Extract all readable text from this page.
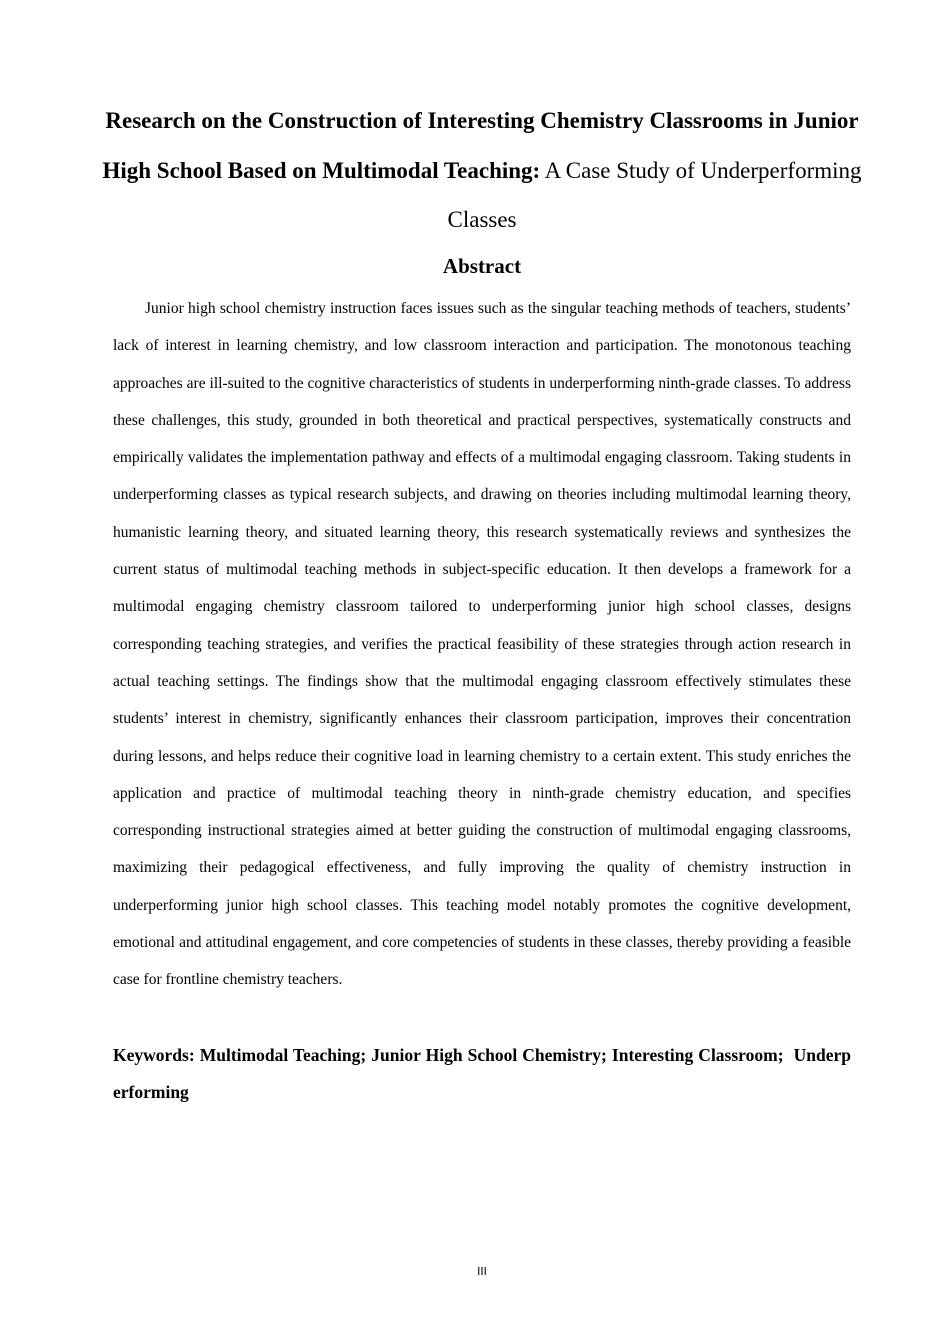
Research on the Construction of Interesting Chemistry Classrooms in Junior High School Based on Multimodal Teaching: A Case Study of Underperforming Classes
Abstract

Junior high school chemistry instruction faces issues such as the singular teaching methods of teachers, students’ lack of interest in learning chemistry, and low classroom interaction and participation. The monotonous teaching approaches are ill-suited to the cognitive characteristics of students in underperforming ninth-grade classes. To address these challenges, this study, grounded in both theoretical and practical perspectives, systematically constructs and empirically validates the implementation pathway and effects of a multimodal engaging classroom. Taking students in underperforming classes as typical research subjects, and drawing on theories including multimodal learning theory, humanistic learning theory, and situated learning theory, this research systematically reviews and synthesizes the current status of multimodal teaching methods in subject-specific education. It then develops a framework for a multimodal engaging chemistry classroom tailored to underperforming junior high school classes, designs corresponding teaching strategies, and verifies the practical feasibility of these strategies through action research in actual teaching settings. The findings show that the multimodal engaging classroom effectively stimulates these students’ interest in chemistry, significantly enhances their classroom participation, improves their concentration during lessons, and helps reduce their cognitive load in learning chemistry to a certain extent. This study enriches the application and practice of multimodal teaching theory in ninth-grade chemistry education, and specifies corresponding instructional strategies aimed at better guiding the construction of multimodal engaging classrooms, maximizing their pedagogical effectiveness, and fully improving the quality of chemistry instruction in underperforming junior high school classes. This teaching model notably promotes the cognitive development, emotional and attitudinal engagement, and core competencies of students in these classes, thereby providing a feasible case for frontline chemistry teachers.

Keywords: Multimodal Teaching; Junior High School Chemistry; Interesting Classroom; Underperforming

III
